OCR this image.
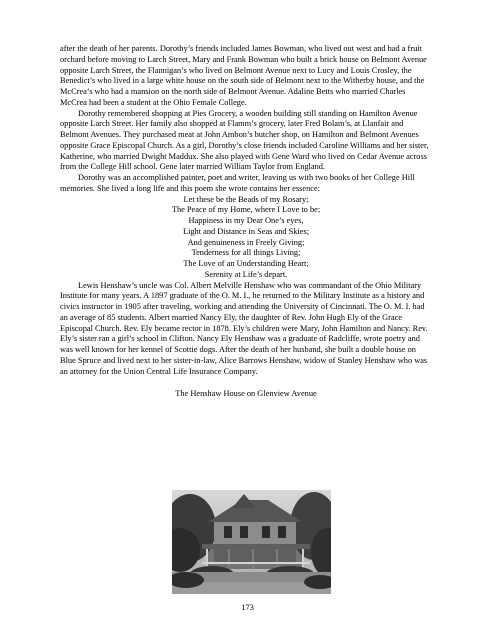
after the death of her parents. Dorothy’s friends included James Bowman, who lived out west and had a fruit orchard before moving to Larch Street, Mary and Frank Bowman who built a brick house on Belmont Avenue opposite Larch Street, the Flannigan’s who lived on Belmont Avenue next to Lucy and Louis Crosley, the Benedict’s who lived in a large white house on the south side of Belmont next to the Witherby house, and the McCrea’s who had a mansion on the north side of Belmont Avenue. Adaline Betts who married Charles McCrea had been a student at the Ohio Female College.

Dorothy remembered shopping at Pies Grocery, a wooden building still standing on Hamilton Avenue opposite Larch Street. Her family also shopped at Flamm’s grocery, later Fred Bolam’s, at Llanfair and Belmont Avenues. They purchased meat at John Ambon’s butcher shop, on Hamilton and Belmont Avenues opposite Grace Episcopal Church. As a girl, Dorothy’s close friends included Caroline Williams and her sister, Katherine, who married Dwight Maddux. She also played with Gene Ward who lived on Cedar Avenue across from the College Hill school. Gene later married William Taylor from England.

Dorothy was an accomplished painter, poet and writer, leaving us with two books of her College Hill memories. She lived a long life and this poem she wrote contains her essence:

Let these be the Beads of my Rosary;
The Peace of my Home, where I Love to be;
Happiness in my Dear One’s eyes,
Light and Distance in Seas and Skies;
And genuineness in Freely Giving;
Tenderness for all things Living;
The Love of an Understanding Heart;
Serenity at Life’s depart.

Lewis Henshaw’s uncle was Col. Albert Melville Henshaw who was commandant of the Ohio Military Institute for many years. A 1897 graduate of the O. M. I., he returned to the Military Institute as a history and civics instructor in 1905 after traveling, working and attending the University of Cincinnati. The O. M. I. had an average of 85 students. Albert married Nancy Ely, the daughter of Rev. John Hugh Ely of the Grace Episcopal Church. Rev. Ely became rector in 1878. Ely’s children were Mary, John Hamilton and Nancy. Rev. Ely’s sister ran a girl’s school in Clifton. Nancy Ely Henshaw was a graduate of Radcliffe, wrote poetry and was well known for her kennel of Scottie dogs. After the death of her husband, she built a double house on Blue Spruce and lived next to her sister-in-law, Alice Barrows Henshaw, widow of Stanley Henshaw who was an attorney for the Union Central Life Insurance Company.

The Henshaw House on Glenview Avenue
173
